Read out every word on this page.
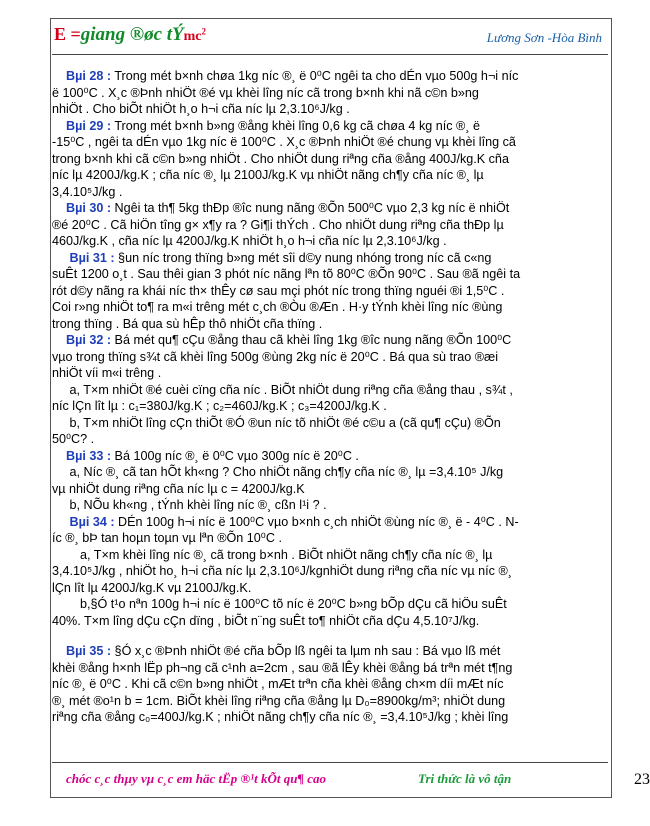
E =giang ®øc tÝmc$^2$	Lương Sơn -Hòa Bình

Bµi 28 : Trong mét b×nh chøa 1kg níc ®¸ ë 0⁰C ngêi ta cho dÉn vµo 500g h¬i níc

ë 100⁰C . X¸c ®Þnh nhiÖt ®é vµ khèi lîng níc cã trong b×nh khi nã c©n b»ng

nhiÖt . Cho biÕt nhiÖt h¸o h¬i cña níc lµ 2,3.10⁶J/kg .

Bµi 29 : Trong mét b×nh b»ng ®ång khèi lîng 0,6 kg cã chøa 4 kg níc ®¸ ë

-15⁰C , ngêi ta dÉn vµo 1kg níc ë 100⁰C . X¸c ®Þnh nhiÖt ®é chung vµ khèi lîng cã

trong b×nh khi cã c©n b»ng nhiÖt . Cho nhiÖt dung riªng cña ®ång 400J/kg.K cña

níc lµ 4200J/kg.K ; cña níc ®¸ lµ 2100J/kg.K vµ nhiÖt nãng ch¶y cña níc ®¸ lµ

3,4.10⁵J/kg .

Bµi 30 : Ngêi ta th¶ 5kg thÐp ®îc nung nãng ®Õn 500⁰C vµo 2,3 kg níc ë nhiÖt

®é 20⁰C . Cã hiÖn tîng g× x¶y ra ? Gi¶i thÝch . Cho nhiÖt dung riªng cña thÐp lµ

460J/kg.K , cña níc lµ 4200J/kg.K nhiÖt h¸o h¬i cña níc lµ 2,3.10⁶J/kg .

Bµi 31 : §un níc trong thïng b»ng mét sîi d©y nung nhóng trong níc cã c«ng

suÊt 1200 o¸t . Sau thêi gian 3 phót níc nãng lªn tõ 80⁰C ®Õn 90⁰C . Sau ®ã ngêi ta

rót d©y nãng ra khái níc th× thÊy cø sau mçi phót níc trong thïng nguéi ®i 1,5⁰C .

Coi r»ng nhiÖt to¶ ra m«i trêng mét c¸ch ®Òu ®Æn . H·y tÝnh khèi lîng níc ®ùng

trong thïng . Bá qua sù hÊp thô nhiÖt cña thïng .

Bµi 32 : Bá mét qu¶ cÇu ®ång thau cã khèi lîng 1kg ®îc nung nãng ®Õn 100⁰C

vµo trong thïng s¾t cã khèi lîng 500g ®ùng 2kg níc ë 20⁰C . Bá qua sù trao ®æi

nhiÖt víi m«i trêng .

a, T×m nhiÖt ®é cuèi cïng cña níc . BiÕt nhiÖt dung riªng cña ®ång thau , s¾t ,

níc lÇn lît lµ : c₁=380J/kg.K ; c₂=460J/kg.K ; c₃=4200J/kg.K .

b, T×m nhiÖt lîng cÇn thiÕt ®Ó ®un níc tõ nhiÖt ®é c©u a (cã qu¶ cÇu) ®Õn

50⁰C? .

Bµi 33 : Bá 100g níc ®¸ ë 0⁰C vµo 300g níc ë 20⁰C .

a, Níc ®¸ cã tan hÕt kh«ng ? Cho nhiÖt nãng ch¶y cña níc ®¸ lµ =3,4.10⁵ J/kg

vµ nhiÖt dung riªng cña níc lµ c = 4200J/kg.K

b, NÕu kh«ng , tÝnh khèi lîng níc ®¸ cßn l¹i ? .

Bµi 34 : DÉn 100g h¬i níc ë 100⁰C vµo b×nh c¸ch nhiÖt ®ùng níc ®¸ ë - 4⁰C . N-

íc ®¸ bÞ tan hoµn toµn vµ lªn ®Õn 10⁰C .

a, T×m khèi lîng níc ®¸ cã trong b×nh . BiÕt nhiÖt nãng ch¶y cña níc ®¸ lµ

3,4.10⁵J/kg , nhiÖt ho¸ h¬i cña níc lµ 2,3.10⁶J/kgnhiÖt dung riªng cña níc vµ níc ®¸

lÇn lît lµ 4200J/kg.K vµ 2100J/kg.K.

b,§Ó t¹o nªn 100g h¬i níc ë 100⁰C tõ níc ë 20⁰C b»ng bÕp dÇu cã hiÖu suÊt

40%. T×m lîng dÇu cÇn dïng , biÕt n¨ng suÊt to¶ nhiÖt cña dÇu 4,5.10⁷J/kg.

Bµi 35 : §Ó x¸c ®Þnh nhiÖt ®é cña bÕp lß ngêi ta lµm nh sau : Bá vµo lß mét

khèi ®ång h×nh lËp ph¬ng cã c¹nh a=2cm , sau ®ã lÊy khèi ®ång bá trªn mét t¶ng

níc ®¸ ë 0⁰C . Khi cã c©n b»ng nhiÖt , mÆt trªn cña khèi ®ång ch×m díi mÆt níc

®¸ mét ®o¹n b = 1cm. BiÕt khèi lîng riªng cña ®ång lµ D₀=8900kg/m³; nhiÖt dung

riªng cña ®ång c₀=400J/kg.K ; nhiÖt nãng ch¶y cña níc ®¸ =3,4.10⁵J/kg ; khèi lîng

chóc c¸c thµy vµ c¸c em häc tËp ®¹t kÕt qu¶ cao	Tri thức là vô tận	23
